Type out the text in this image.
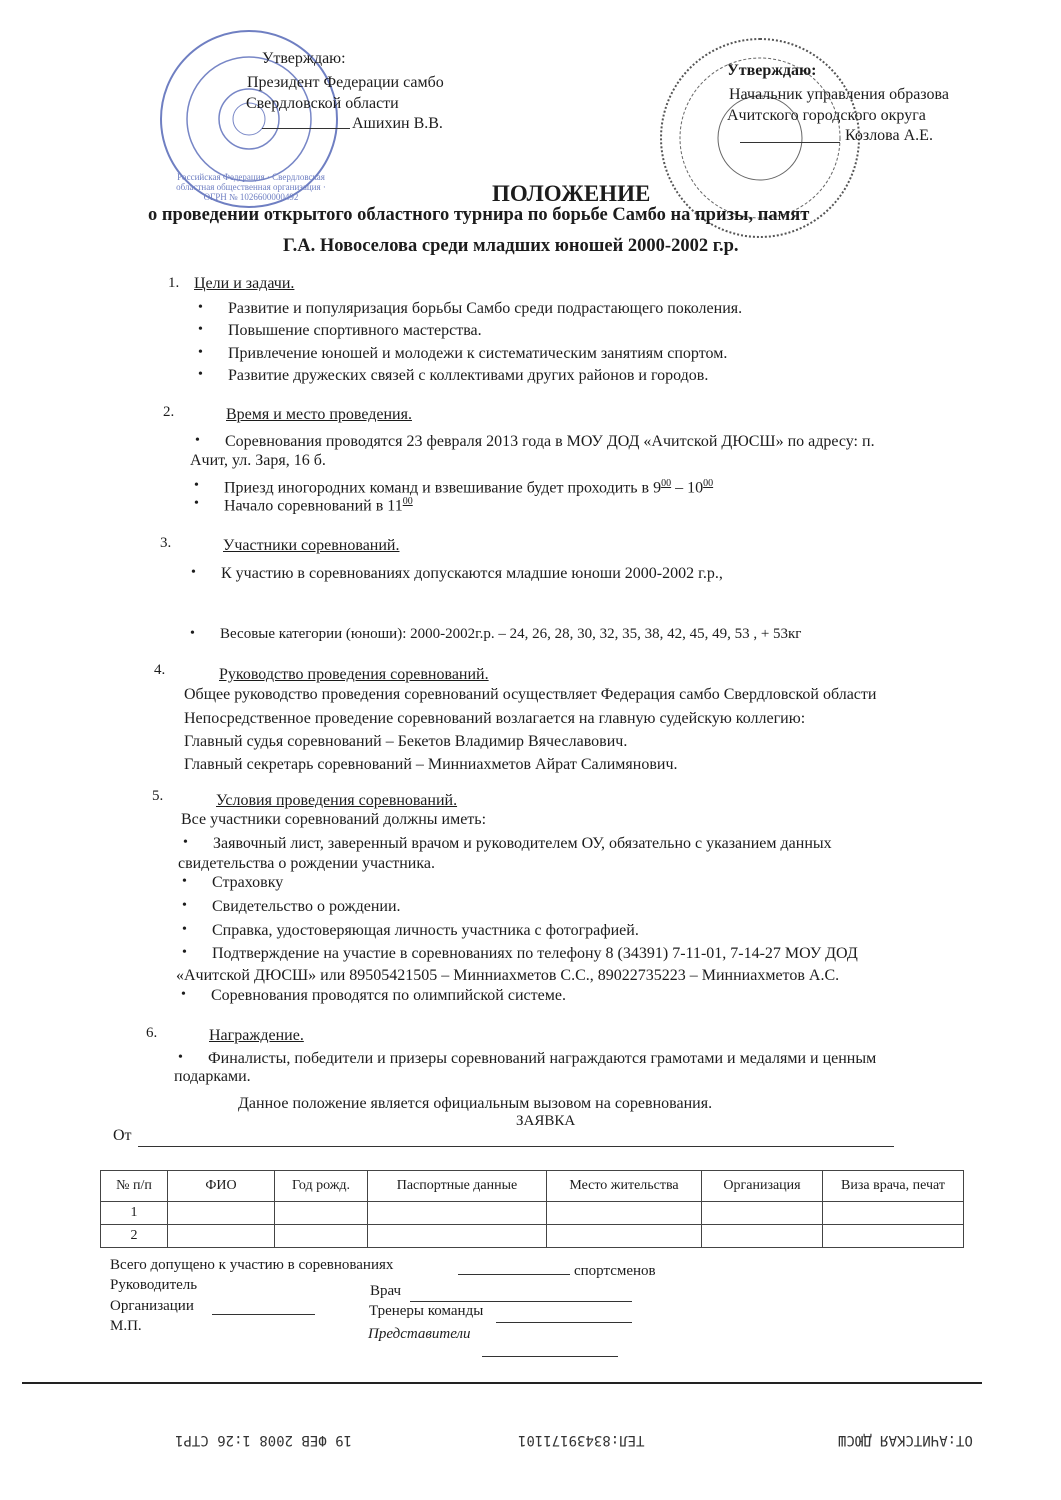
Российская Федерация · Свердловская областная общественная организация · ОГРН № 1026600000492
Утверждаю:
Президент Федерации самбо
Свердловской области
Ашихин В.В.
Утверждаю:
Начальник управления образова
Ачитского городского округа
Козлова А.Е.
ПОЛОЖЕНИЕ
о проведении открытого областного турнира по борьбе Самбо на призы, памят
Г.А. Новоселова среди младших юношей 2000-2002 г.р.
1. Цели и задачи.
• Развитие и популяризация борьбы Самбо среди подрастающего поколения.
• Повышение спортивного мастерства.
• Привлечение юношей и молодежи к систематическим занятиям спортом.
• Развитие дружеских связей с коллективами других районов и городов.
2.	Время и место проведения.
• Соревнования проводятся 23 февраля 2013 года в МОУ ДОД «Ачитской ДЮСШ» по адресу: п.
Ачит, ул. Заря, 16 б.
• Приезд иногородних команд и взвешивание будет проходить в $9^{00} - 10^{00}$
• Начало соревнований в $11^{00}$
3.	Участники соревнований.
• К участию в соревнованиях допускаются младшие юноши 2000-2002 г.р.,
• Весовые категории (юноши): 2000-2002г.р. – 24, 26, 28, 30, 32, 35, 38, 42, 45, 49, 53 , + 53кг
4.	Руководство проведения соревнований.
Общее руководство проведения соревнований осуществляет Федерация самбо Свердловской области
Непосредственное проведение соревнований возлагается на главную судейскую коллегию:
Главный судья соревнований – Бекетов Владимир Вячеславович.
Главный секретарь соревнований – Минниахметов Айрат Салимянович.
5.	Условия проведения соревнований.
Все участники соревнований должны иметь:
• Заявочный лист, заверенный врачом и руководителем ОУ, обязательно с указанием данных
свидетельства о рождении участника.
• Страховку
• Свидетельство о рождении.
• Справка, удостоверяющая личность участника с фотографией.
• Подтверждение на участие в соревнованиях по телефону 8 (34391) 7-11-01, 7-14-27 МОУ ДОД
«Ачитской ДЮСШ» или 89505421505 – Минниахметов С.С., 89022735223 – Минниахметов А.С.
• Соревнования проводятся по олимпийской системе.
6.	Награждение.
• Финалисты, победители и призеры соревнований награждаются грамотами и медалями и ценным
подарками.
Данное положение является официальным вызовом на соревнования.
ЗАЯВКА
От
№ п/п	ФИО	Год рожд.	Паспортные данные	Место жительства	Организация	Виза врача, печат
1						
2						
Всего допущено к участию в соревнованиях	спортсменов
Руководитель
Организации
М.П.
Врач
Тренеры команды
Представители
ОТ:АЧИТСКАЯ ДЮСШ
ТЕЛ:83439171101
19 ФЕВ 2008 1:26 СТР1
